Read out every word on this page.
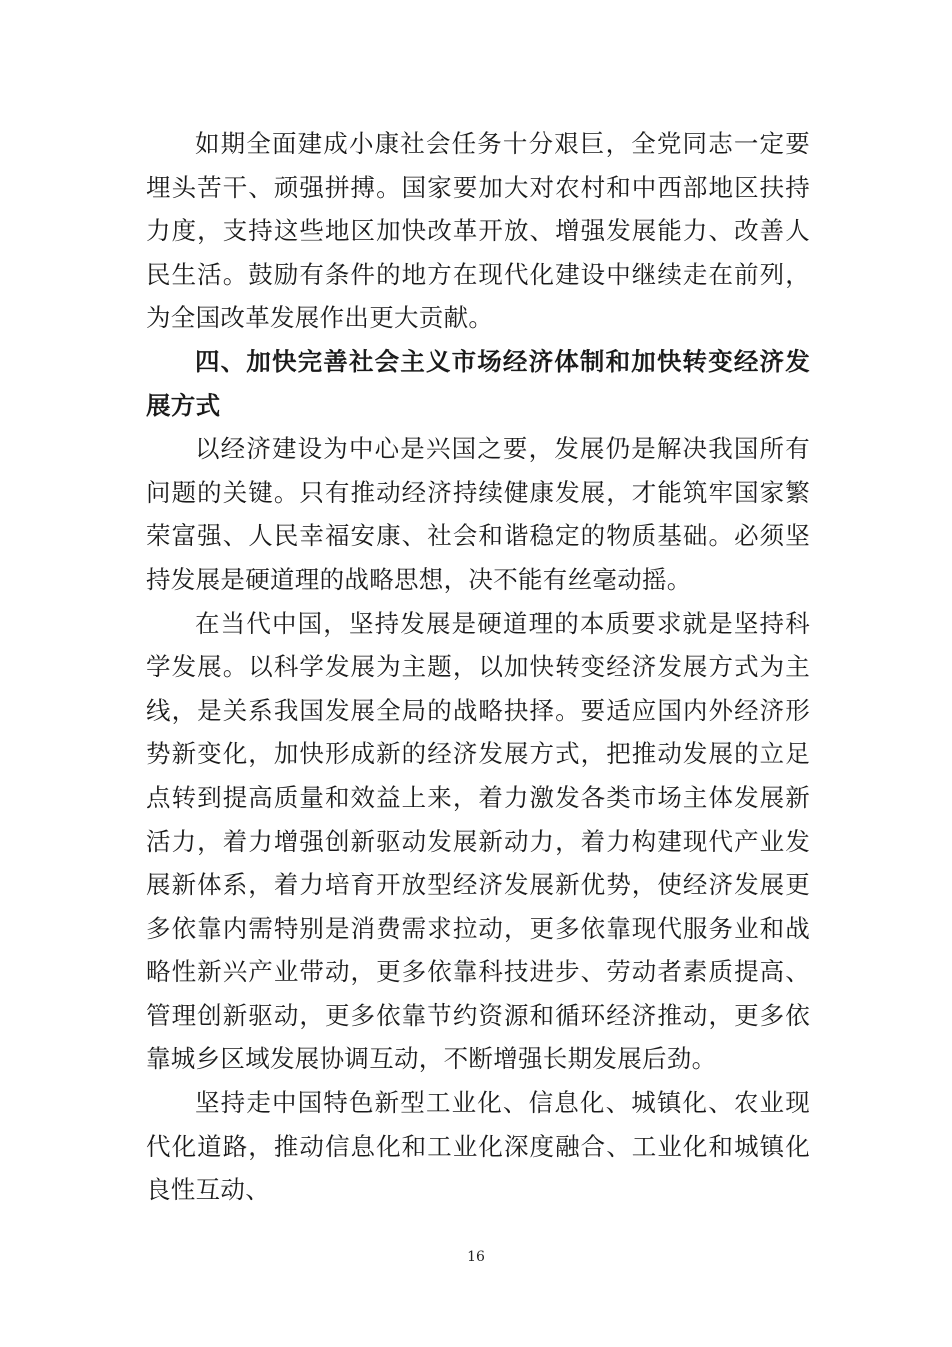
如期全面建成小康社会任务十分艰巨，全党同志一定要埋头苦干、顽强拼搏。国家要加大对农村和中西部地区扶持力度，支持这些地区加快改革开放、增强发展能力、改善人民生活。鼓励有条件的地方在现代化建设中继续走在前列，为全国改革发展作出更大贡献。

四、加快完善社会主义市场经济体制和加快转变经济发展方式

以经济建设为中心是兴国之要，发展仍是解决我国所有问题的关键。只有推动经济持续健康发展，才能筑牢国家繁荣富强、人民幸福安康、社会和谐稳定的物质基础。必须坚持发展是硬道理的战略思想，决不能有丝毫动摇。

在当代中国，坚持发展是硬道理的本质要求就是坚持科学发展。以科学发展为主题，以加快转变经济发展方式为主线，是关系我国发展全局的战略抉择。要适应国内外经济形势新变化，加快形成新的经济发展方式，把推动发展的立足点转到提高质量和效益上来，着力激发各类市场主体发展新活力，着力增强创新驱动发展新动力，着力构建现代产业发展新体系，着力培育开放型经济发展新优势，使经济发展更多依靠内需特别是消费需求拉动，更多依靠现代服务业和战略性新兴产业带动，更多依靠科技进步、劳动者素质提高、管理创新驱动，更多依靠节约资源和循环经济推动，更多依靠城乡区域发展协调互动，不断增强长期发展后劲。

坚持走中国特色新型工业化、信息化、城镇化、农业现代化道路，推动信息化和工业化深度融合、工业化和城镇化良性互动、

16
